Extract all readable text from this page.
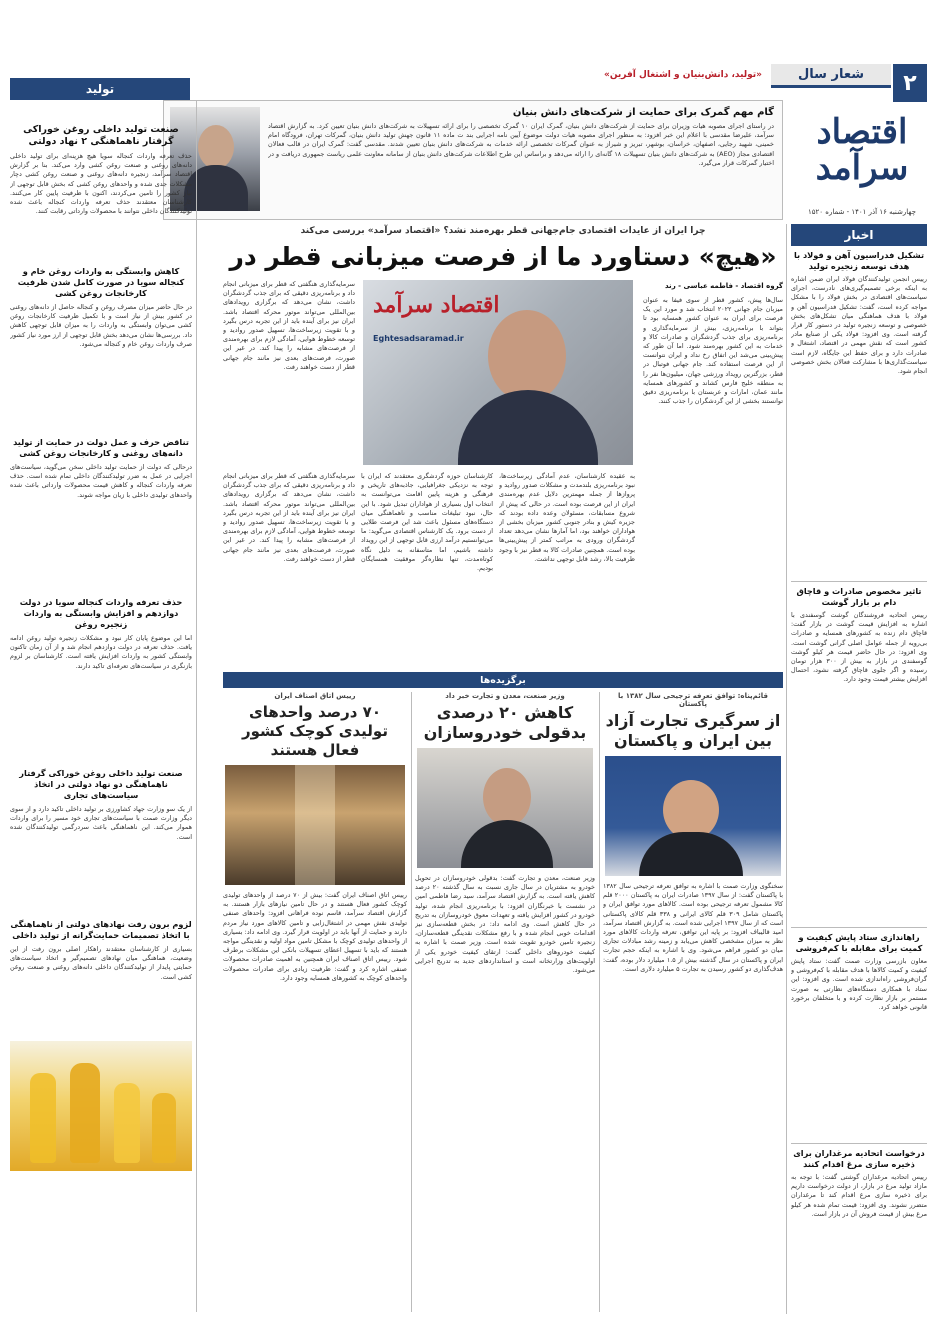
۲
شعار سال
«تولید، دانش‌بنیان و اشتغال آفرین»
اقتصاد سرآمد
چهارشنبه ۱۶ آذر ۱۴۰۱ - شماره ۱۵۲۰
گام مهم گمرک برای حمایت از شرکت‌های دانش بنیان
در راستای اجرای مصوبه هیات وزیران برای حمایت از شرکت‌های دانش بنیان، گمرک ایران ۱۰ گمرک تخصصی را برای ارائه تسهیلات به شرکت‌های دانش بنیان تعیین کرد. به گزارش اقتصاد سرآمد، علیرضا مقدسی با اعلام این خبر افزود: به منظور اجرای مصوبه هیات دولت موضوع آیین نامه اجرایی بند ت ماده ۱۱ قانون جهش تولید دانش بنیان، گمرکات تهران، فرودگاه امام خمینی، شهید رجایی، اصفهان، خراسان، بوشهر، تبریز و شیراز به عنوان گمرکات تخصصی ارائه خدمات به شرکت‌های دانش بنیان تعیین شدند. مقدسی گفت: گمرک ایران در قالب فعالان اقتصادی مجاز (AEO) به شرکت‌های دانش بنیان تسهیلات ۱۸ گانه‌ای را ارائه می‌دهد و براساس این طرح اطلاعات شرکت‌های دانش بنیان از سامانه معاونت علمی ریاست جمهوری دریافت و در اختیار گمرکات قرار می‌گیرد.
تولید
اخبار
تشکیل فدراسیون آهن و فولاد با هدف توسعه زنجیره تولید
رییس انجمن تولیدکنندگان فولاد ایران ضمن اشاره به اینکه برخی تصمیم‌گیری‌های نادرست، اجرای سیاست‌های اقتصادی در بخش فولاد را با مشکل مواجه کرده است، گفت: تشکیل فدراسیون آهن و فولاد با هدف هماهنگی میان تشکل‌های بخش خصوصی و توسعه زنجیره تولید در دستور کار قرار گرفته است. وی افزود: فولاد یکی از صنایع مادر کشور است که نقش مهمی در اقتصاد، اشتغال و صادرات دارد و برای حفظ این جایگاه، لازم است سیاست‌گذاری‌ها با مشارکت فعالان بخش خصوصی انجام شود.
تاثیر مخصوص صادرات و قاچاق دام بر بازار گوشت
رییس اتحادیه فروشندگان گوشت گوسفندی با اشاره به افزایش قیمت گوشت در بازار گفت: قاچاق دام زنده به کشورهای همسایه و صادرات بی‌رویه از جمله عوامل اصلی گرانی گوشت است. وی افزود: در حال حاضر قیمت هر کیلو گوشت گوسفندی در بازار به بیش از ۳۰۰ هزار تومان رسیده و اگر جلوی قاچاق گرفته نشود، احتمال افزایش بیشتر قیمت وجود دارد.
راهاندازی ستاد پایش کیفیت و کمیت برای مقابله با کم‌فروشی
معاون بازرسی وزارت صمت گفت: ستاد پایش کیفیت و کمیت کالاها با هدف مقابله با کم‌فروشی و گران‌فروشی راه‌اندازی شده است. وی افزود: این ستاد با همکاری دستگاه‌های نظارتی به صورت مستمر بر بازار نظارت کرده و با متخلفان برخورد قانونی خواهد کرد.
درخواست اتحادیه مرغداران برای ذخیره سازی مرغ اقدام کنند
رییس اتحادیه مرغداران گوشتی گفت: با توجه به مازاد تولید مرغ در بازار، از دولت درخواست داریم برای ذخیره سازی مرغ اقدام کند تا مرغداران متضرر نشوند. وی افزود: قیمت تمام شده هر کیلو مرغ بیش از قیمت فروش آن در بازار است.
چرا ایران از عایدات اقتصادی جام‌جهانی قطر بهره‌مند نشد؟ «اقتصاد سرآمد» بررسی می‌کند
«هیچ» دستاورد ما از فرصت میزبانی قطر در
اقتصاد سرآمد
Eghtesadsaramad.ir
گروه اقتصاد - فاطمه عباسی - رند
سال‌ها پیش، کشور قطر از سوی فیفا به عنوان میزبان جام جهانی ۲۰۲۲ انتخاب شد و مورد این یک فرصت برای ایران به عنوان کشور همسایه بود تا بتواند با برنامه‌ریزی، بیش از سرمایه‌گذاری و برنامه‌ریزی برای جذب گردشگران و صادرات کالا و خدمات به این کشور بهره‌مند شود. اما آن طور که پیش‌بینی می‌شد این اتفاق رخ نداد و ایران نتوانست از این فرصت استفاده کند. جام جهانی فوتبال در قطر، بزرگترین رویداد ورزشی جهان، میلیون‌ها نفر را به منطقه خلیج فارس کشاند و کشورهای همسایه مانند عمان، امارات و عربستان با برنامه‌ریزی دقیق توانستند بخشی از این گردشگران را جذب کنند.
سرمایه‌گذاری هنگفتی که قطر برای میزبانی انجام داد و برنامه‌ریزی دقیقی که برای جذب گردشگران داشت، نشان می‌دهد که برگزاری رویدادهای بین‌المللی می‌تواند موتور محرکه اقتصاد باشد. ایران نیز برای آینده باید از این تجربه درس بگیرد و با تقویت زیرساخت‌ها، تسهیل صدور روادید و توسعه خطوط هوایی، آمادگی لازم برای بهره‌مندی از فرصت‌های مشابه را پیدا کند. در غیر این صورت، فرصت‌های بعدی نیز مانند جام جهانی قطر از دست خواهند رفت.
به عقیده کارشناسان، عدم آمادگی زیرساخت‌ها، نبود برنامه‌ریزی بلندمدت و مشکلات صدور روادید و پروازها از جمله مهمترین دلایل عدم بهره‌مندی ایران از این فرصت بوده است. در حالی که پیش از شروع مسابقات، مسئولان وعده داده بودند که جزیره کیش و بنادر جنوبی کشور میزبان بخشی از هواداران خواهند بود، اما آمارها نشان می‌دهد تعداد گردشگران ورودی به مراتب کمتر از پیش‌بینی‌ها بوده است. همچنین صادرات کالا به قطر نیز با وجود ظرفیت بالا، رشد قابل توجهی نداشت.
کارشناسان حوزه گردشگری معتقدند که ایران با توجه به نزدیکی جغرافیایی، جاذبه‌های تاریخی و فرهنگی و هزینه پایین اقامت می‌توانست به انتخاب اول بسیاری از هواداران تبدیل شود. با این حال، نبود تبلیغات مناسب و ناهماهنگی میان دستگاه‌های مسئول باعث شد این فرصت طلایی از دست برود. یک کارشناس اقتصادی می‌گوید: ما می‌توانستیم درآمد ارزی قابل توجهی از این رویداد داشته باشیم، اما متاسفانه به دلیل نگاه کوتاه‌مدت، تنها نظاره‌گر موفقیت همسایگان بودیم.
سرمایه‌گذاری هنگفتی که قطر برای میزبانی انجام داد و برنامه‌ریزی دقیقی که برای جذب گردشگران داشت، نشان می‌دهد که برگزاری رویدادهای بین‌المللی می‌تواند موتور محرکه اقتصاد باشد. ایران نیز برای آینده باید از این تجربه درس بگیرد و با تقویت زیرساخت‌ها، تسهیل صدور روادید و توسعه خطوط هوایی، آمادگی لازم برای بهره‌مندی از فرصت‌های مشابه را پیدا کند. در غیر این صورت، فرصت‌های بعدی نیز مانند جام جهانی قطر از دست خواهند رفت.
برگزیده‌ها
قائم‌پناه: توافق تعرفه ترجیحی سال ۱۳۸۲ با پاکستان
از سرگیری تجارت آزاد بین ایران و پاکستان
سخنگوی وزارت صمت با اشاره به توافق تعرفه ترجیحی سال ۱۳۸۲ با پاکستان گفت: از سال ۱۳۹۷ صادرات ایران به پاکستان ۲۰۰۰ قلم کالا مشمول تعرفه ترجیحی بوده است. کالاهای مورد توافق ایران و پاکستان شامل ۳۰۹ قلم کالای ایرانی و ۳۳۸ قلم کالای پاکستانی است که از سال ۱۳۹۷ اجرایی شده است. به گزارش اقتصاد سرآمد، امید قالیباف افزود: بر پایه این توافق، تعرفه واردات کالاهای مورد نظر به میزان مشخصی کاهش می‌یابد و زمینه رشد مبادلات تجاری میان دو کشور فراهم می‌شود. وی با اشاره به اینکه حجم تجارت ایران و پاکستان در سال گذشته بیش از ۱.۵ میلیارد دلار بوده، گفت: هدف‌گذاری دو کشور رسیدن به تجارت ۵ میلیارد دلاری است.
وزیر صنعت، معدن و تجارت خبر داد
کاهش ۲۰ درصدی بدقولی خودروسازان
وزیر صنعت، معدن و تجارت گفت: بدقولی خودروسازان در تحویل خودرو به مشتریان در سال جاری نسبت به سال گذشته ۲۰ درصد کاهش یافته است. به گزارش اقتصاد سرآمد، سید رضا فاطمی امین در نشست با خبرنگاران افزود: با برنامه‌ریزی انجام شده، تولید خودرو در کشور افزایش یافته و تعهدات معوق خودروسازان به تدریج در حال کاهش است. وی ادامه داد: در بخش قطعه‌سازی نیز اقدامات خوبی انجام شده و با رفع مشکلات نقدینگی قطعه‌سازان، زنجیره تامین خودرو تقویت شده است. وزیر صمت با اشاره به کیفیت خودروهای داخلی گفت: ارتقای کیفیت خودرو یکی از اولویت‌های وزارتخانه است و استانداردهای جدید به تدریج اجرایی می‌شود.
رییس اتاق اصناف ایران
۷۰ درصد واحدهای تولیدی کوچک کشور فعال هستند
رییس اتاق اصناف ایران گفت: بیش از ۷۰ درصد از واحدهای تولیدی کوچک کشور فعال هستند و در حال تامین نیازهای بازار هستند. به گزارش اقتصاد سرآمد، قاسم نوده فراهانی افزود: واحدهای صنفی تولیدی نقش مهمی در اشتغال‌زایی و تامین کالاهای مورد نیاز مردم دارند و حمایت از آنها باید در اولویت قرار گیرد. وی ادامه داد: بسیاری از واحدهای تولیدی کوچک با مشکل تامین مواد اولیه و نقدینگی مواجه هستند که باید با تسهیل اعطای تسهیلات بانکی این مشکلات برطرف شود. رییس اتاق اصناف ایران همچنین به اهمیت صادرات محصولات صنفی اشاره کرد و گفت: ظرفیت زیادی برای صادرات محصولات واحدهای کوچک به کشورهای همسایه وجود دارد.
صنعت تولید داخلی روغن خوراکی گرفتار ناهماهنگی ۲ نهاد دولتی
حذف تعرفه واردات کنجاله سویا هیچ هزینه‌ای برای تولید داخلی دانه‌های روغنی و صنعت روغن کشی وارد می‌کند. بنا بر گزارش اقتصاد سرآمد، زنجیره دانه‌های روغنی و صنعت روغن کشی دچار مشکلات جدی شده و واحدهای روغن کشی که بخش قابل توجهی از نیاز کشور را تامین می‌کردند، اکنون با ظرفیت پایین کار می‌کنند. کارشناسان معتقدند حذف تعرفه واردات کنجاله باعث شده تولیدکنندگان داخلی نتوانند با محصولات وارداتی رقابت کنند.
کاهش وابستگی به واردات روغن خام و کنجاله سویا در صورت کامل شدن ظرفیت کارخانجات روغن کشی
در حال حاضر میزان مصرف روغن و کنجاله حاصل از دانه‌های روغنی در کشور بیش از نیاز است و با تکمیل ظرفیت کارخانجات روغن کشی می‌توان وابستگی به واردات را به میزان قابل توجهی کاهش داد. بررسی‌ها نشان می‌دهد بخش قابل توجهی از ارز مورد نیاز کشور صرف واردات روغن خام و کنجاله می‌شود.
تناقض حرف و عمل دولت در حمایت از تولید دانه‌های روغنی و کارخانجات روغن کشی
درحالی که دولت از حمایت تولید داخلی سخن می‌گوید، سیاست‌های اجرایی در عمل به ضرر تولیدکنندگان داخلی تمام شده است. حذف تعرفه واردات کنجاله و کاهش قیمت محصولات وارداتی باعث شده واحدهای تولیدی داخلی با زیان مواجه شوند.
حذف تعرفه واردات کنجاله سویا در دولت دوازدهم و افزایش وابستگی به واردات زنجیره روغن
اما این موضوع پایان کار نبود و مشکلات زنجیره تولید روغن ادامه یافت. حذف تعرفه در دولت دوازدهم انجام شد و از آن زمان تاکنون وابستگی کشور به واردات افزایش یافته است. کارشناسان بر لزوم بازنگری در سیاست‌های تعرفه‌ای تاکید دارند.
صنعت تولید داخلی روغن خوراکی گرفتار ناهماهنگی دو نهاد دولتی در اتخاذ سیاست‌های تجاری
از یک سو وزارت جهاد کشاورزی بر تولید داخلی تاکید دارد و از سوی دیگر وزارت صمت با سیاست‌های تجاری خود مسیر را برای واردات هموار می‌کند. این ناهماهنگی باعث سردرگمی تولیدکنندگان شده است.
لزوم برون رفت نهادهای دولتی از ناهماهنگی با اتخاذ تصمیمات حمایت‌گرانه از تولید داخلی
بسیاری از کارشناسان معتقدند راهکار اصلی برون رفت از این وضعیت، هماهنگی میان نهادهای تصمیم‌گیر و اتخاذ سیاست‌های حمایتی پایدار از تولیدکنندگان داخلی دانه‌های روغنی و صنعت روغن کشی است.
